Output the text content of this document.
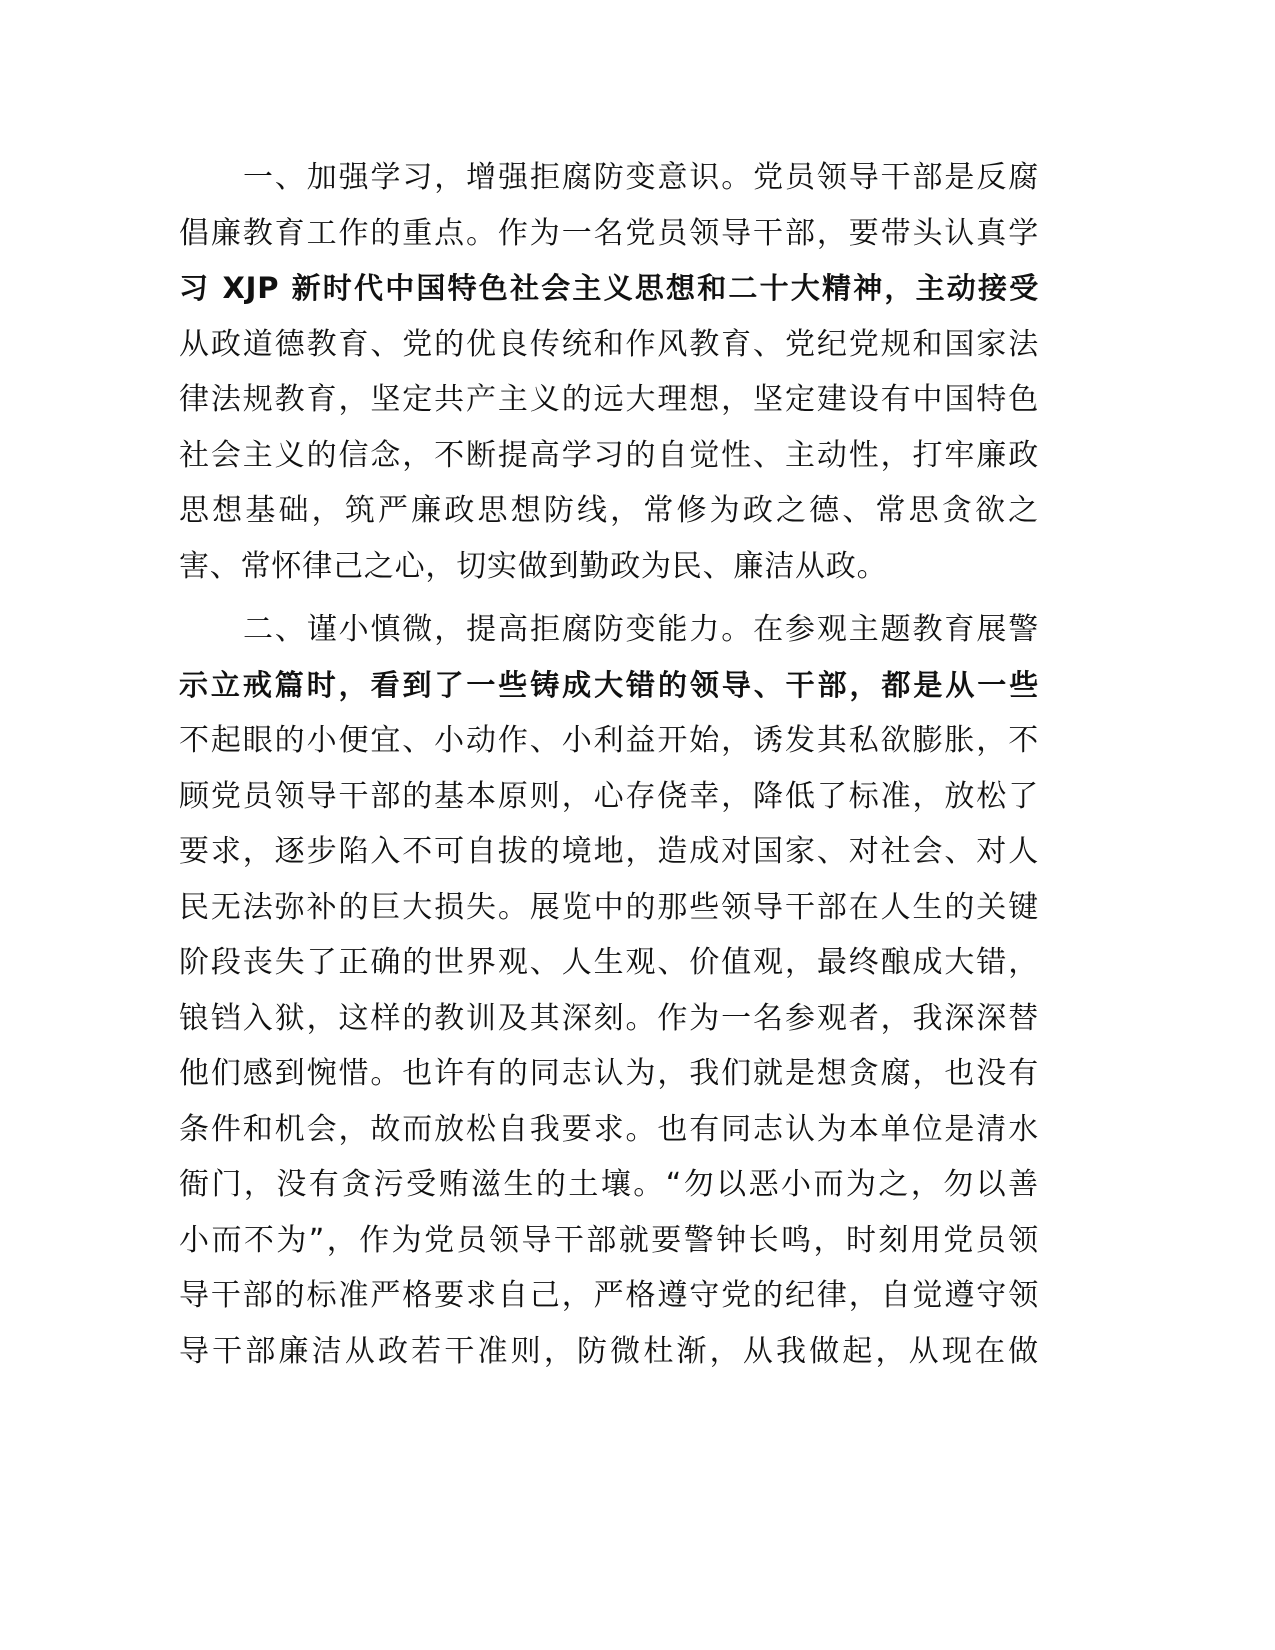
一、加强学习，增强拒腐防变意识。党员领导干部是反腐
倡廉教育工作的重点。作为一名党员领导干部，要带头认真学
习 XJP 新时代中国特色社会主义思想和二十大精神，主动接受
从政道德教育、党的优良传统和作风教育、党纪党规和国家法
律法规教育，坚定共产主义的远大理想，坚定建设有中国特色
社会主义的信念，不断提高学习的自觉性、主动性，打牢廉政
思想基础，筑严廉政思想防线，常修为政之德、常思贪欲之
害、常怀律己之心，切实做到勤政为民、廉洁从政。
二、谨小慎微，提高拒腐防变能力。在参观主题教育展警
示立戒篇时，看到了一些铸成大错的领导、干部，都是从一些
不起眼的小便宜、小动作、小利益开始，诱发其私欲膨胀，不
顾党员领导干部的基本原则，心存侥幸，降低了标准，放松了
要求，逐步陷入不可自拔的境地，造成对国家、对社会、对人
民无法弥补的巨大损失。展览中的那些领导干部在人生的关键
阶段丧失了正确的世界观、人生观、价值观，最终酿成大错，
锒铛入狱，这样的教训及其深刻。作为一名参观者，我深深替
他们感到惋惜。也许有的同志认为，我们就是想贪腐，也没有
条件和机会，故而放松自我要求。也有同志认为本单位是清水
衙门，没有贪污受贿滋生的土壤。“勿以恶小而为之，勿以善
小而不为”，作为党员领导干部就要警钟长鸣，时刻用党员领
导干部的标准严格要求自己，严格遵守党的纪律，自觉遵守领
导干部廉洁从政若干准则，防微杜渐，从我做起，从现在做
